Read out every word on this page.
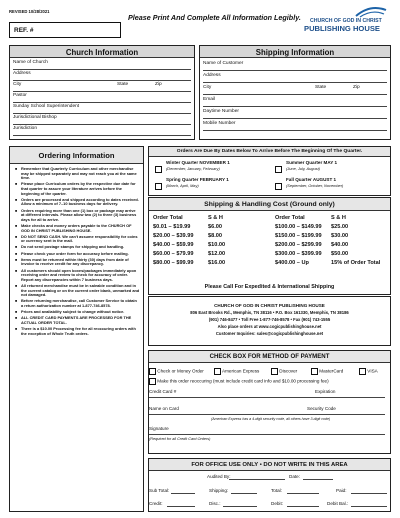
REVISED 10/28/2021
Please Print And Complete All Information Legibly.
REF. #
CHURCH OF GOD IN CHRIST
PUBLISHING HOUSE
Church Information
Name of Church
Address
City	State	Zip
Pastor
Sunday School Superintendent
Jurisdictional Bishop
Jurisdiction
Shipping Information
Name of Customer
Address
City	State	Zip
Email
Daytime Number
Mobile Number
Ordering Information
■ Remember that Quarterly Curriculum and other merchandise may be shipped separately and may not reach you at the same time.
■ Please place Curriculum orders by the respective due date for that quarter to assure your literature arrives before the beginning of the quarter.
■ Orders are processed and shipped according to dates received. Allow a minimum of 7–10 business days for delivery.
■ Orders requiring more than one (1) box or package may arrive at different intervals. Please allow two (2) to three (3) business days for all to arrive.
■ Make checks and money orders payable to the CHURCH OF GOD IN CHRIST PUBLISHING HOUSE.
■ DO NOT SEND CASH. We can't assume responsibility for coins or currency sent in the mail.
■ Do not send postage stamps for shipping and handling.
■ Please check your order form for accuracy before mailing.
■ Items must be returned within thirty (30) days from date of invoice to receive credit for any discrepancy.
■ All customers should open boxes/packages immediately upon receiving order and review to check for accuracy of order. Report any discrepancies within 7 business days.
■ All returned merchandise must be in saleable condition and in the current catalog or on the current order blank, unmarked and not damaged.
■ Before returning merchandise, call Customer Service to obtain a return authorization number at 1-877-746-8578.
■ Prices and availability subject to change without notice.
■ ALL CREDIT CARD PAYMENTS ARE PROCESSED FOR THE ACTUAL ORDER TOTAL.
■ There is a $10.00 Processing fee for all reoccuring orders with the exception of Whole Truth orders.
Orders Are Due By Dates Below To Arrive Before The Beginning Of The Quarter.
Winter Quarter NOVEMBER 1
(December, January, February)
Summer Quarter MAY 1
(June, July, August)
Spring Quarter FEBRUARY 1
(March, April, May)
Fall Quarter AUGUST 1
(September, October, November)
Shipping & Handling Cost (Ground only)
Order Total	S & H
$0.01 – $19.99	$6.00
$20.00 – $39.99	$8.00
$40.00 – $59.99	$10.00
$60.00 – $79.99	$12.00
$80.00 – $99.99	$16.00
Order Total	S & H
$100.00 – $149.99 $25.00
$150.00 – $199.99 $30.00
$200.00 – $299.99 $40.00
$300.00 – $399.99 $50.00
$400.00 – Up	15% of Order Total
Please Call For Expedited & International Shipping
CHURCH OF GOD IN CHRIST PUBLISHING HOUSE
806 East Brooks Rd., Memphis, TN 38116 • P.O. Box 161330, Memphis, TN 38186
(901) 746-8477 • Toll Free 1-877-746-8578 • Fax (901) 743-1555
Also place orders at www.cogicpublishinghouse.net
Customer Inquiries: sales@cogicpublishinghouse.net
CHECK BOX FOR METHOD OF PAYMENT
Check or Money Order	American Express	Discover	MasterCard	VISA
Make this order reoccuring (must include credit card info and $10.00 processing fee)
Credit Card #	Expiration
Name on Card	Security Code
(American Express has a 4-digit security code, all others have 3-digit code)
Signature
(Required for all Credit Card Orders)
FOR OFFICE USE ONLY • DO NOT WRITE IN THIS AREA
Audited By:	Date:
Sub Total:	Shipping:	Total:	Paid:
Credit:	Disc.:	Debit:	Debit Bal.:
